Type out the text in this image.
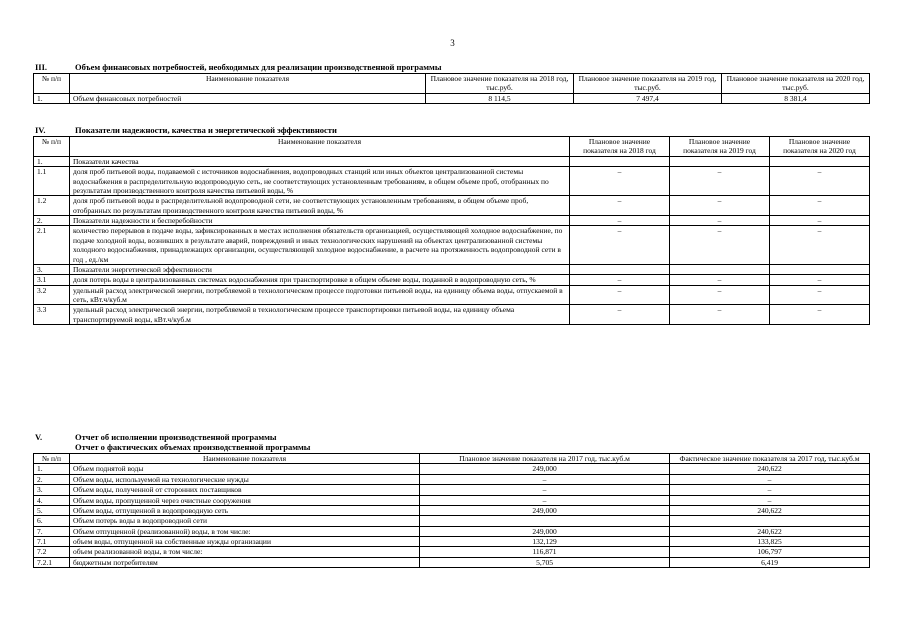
3
III.	Объем финансовых потребностей, необходимых для реализации производственной программы
№ п/п	Наименование показателя	Плановое значение показателя на 2018 год, тыс.руб.	Плановое значение показателя на 2019 год, тыс.руб.	Плановое значение показателя на 2020 год, тыс.руб.
1.	Объем финансовых потребностей	8 114,5	7 497,4	8 381,4
IV.	Показатели надежности, качества и энергетической эффективности
№ п/п	Наименование показателя	Плановое значение показателя на 2018 год	Плановое значение показателя на 2019 год	Плановое значение показателя на 2020 год
1.	Показатели качества			
1.1	доля проб питьевой воды, подаваемой с источников водоснабжения, водопроводных станций или иных объектов централизованной системы водоснабжения в распределительную водопроводную сеть, не соответствующих установленным требованиям, в общем объеме проб, отобранных по результатам производственного контроля качества питьевой воды, %	–	–	–
1.2	доля проб питьевой воды в распределительной водопроводной сети, не соответствующих установленным требованиям, в общем объеме проб, отобранных по результатам производственного контроля качества питьевой воды, %	–	–	–
2.	Показатели надежности и бесперебойности	–	–	–
2.1	количество перерывов в подаче воды, зафиксированных в местах исполнения обязательств организацией, осуществляющей холодное водоснабжение, по подаче холодной воды, возникших в результате аварий, повреждений и иных технологических нарушений на объектах централизованной системы холодного водоснабжения, принадлежащих организации, осуществляющей холодное водоснабжение, в расчете на протяженность водопроводной сети в год , ед./км	–	–	–
3.	Показатели энергетической эффективности			
3.1	доля потерь воды в централизованных системах водоснабжения при транспортировке в общем объеме воды, поданной в водопроводную сеть, %	–	–	–
3.2	удельный расход электрической энергии, потребляемой в технологическом процессе подготовки питьевой воды, на единицу объема воды, отпускаемой в сеть, кВт.ч/куб.м	–	–	–
3.3	удельный расход электрической энергии, потребляемой в технологическом процессе транспортировки питьевой воды, на единицу объема транспортируемой воды, кВт.ч/куб.м	–	–	–
V.	Отчет об исполнении производственной программы
Отчет о фактических объемах производственной программы
№ п/п	Наименование показателя	Плановое значение показателя на 2017 год, тыс.куб.м	Фактическое значение показателя за 2017 год, тыс.куб.м
1.	Объем поднятой воды	249,000	240,622
2.	Объем воды, используемой на технологические нужды	–	–
3.	Объем воды, полученной от сторонних поставщиков	–	–
4.	Объем воды, пропущенной через очистные сооружения	–	–
5.	Объем воды, отпущенной в водопроводную сеть	249,000	240,622
6.	Объем потерь воды в водопроводной сети		
7.	Объем отпущенной (реализованной) воды, в том числе:	249,000	240,622
7.1	объем воды, отпущенной на собственные нужды организации	132,129	133,825
7.2	объем реализованной воды, в том числе:	116,871	106,797
7.2.1	бюджетным потребителям	5,705	6,419
